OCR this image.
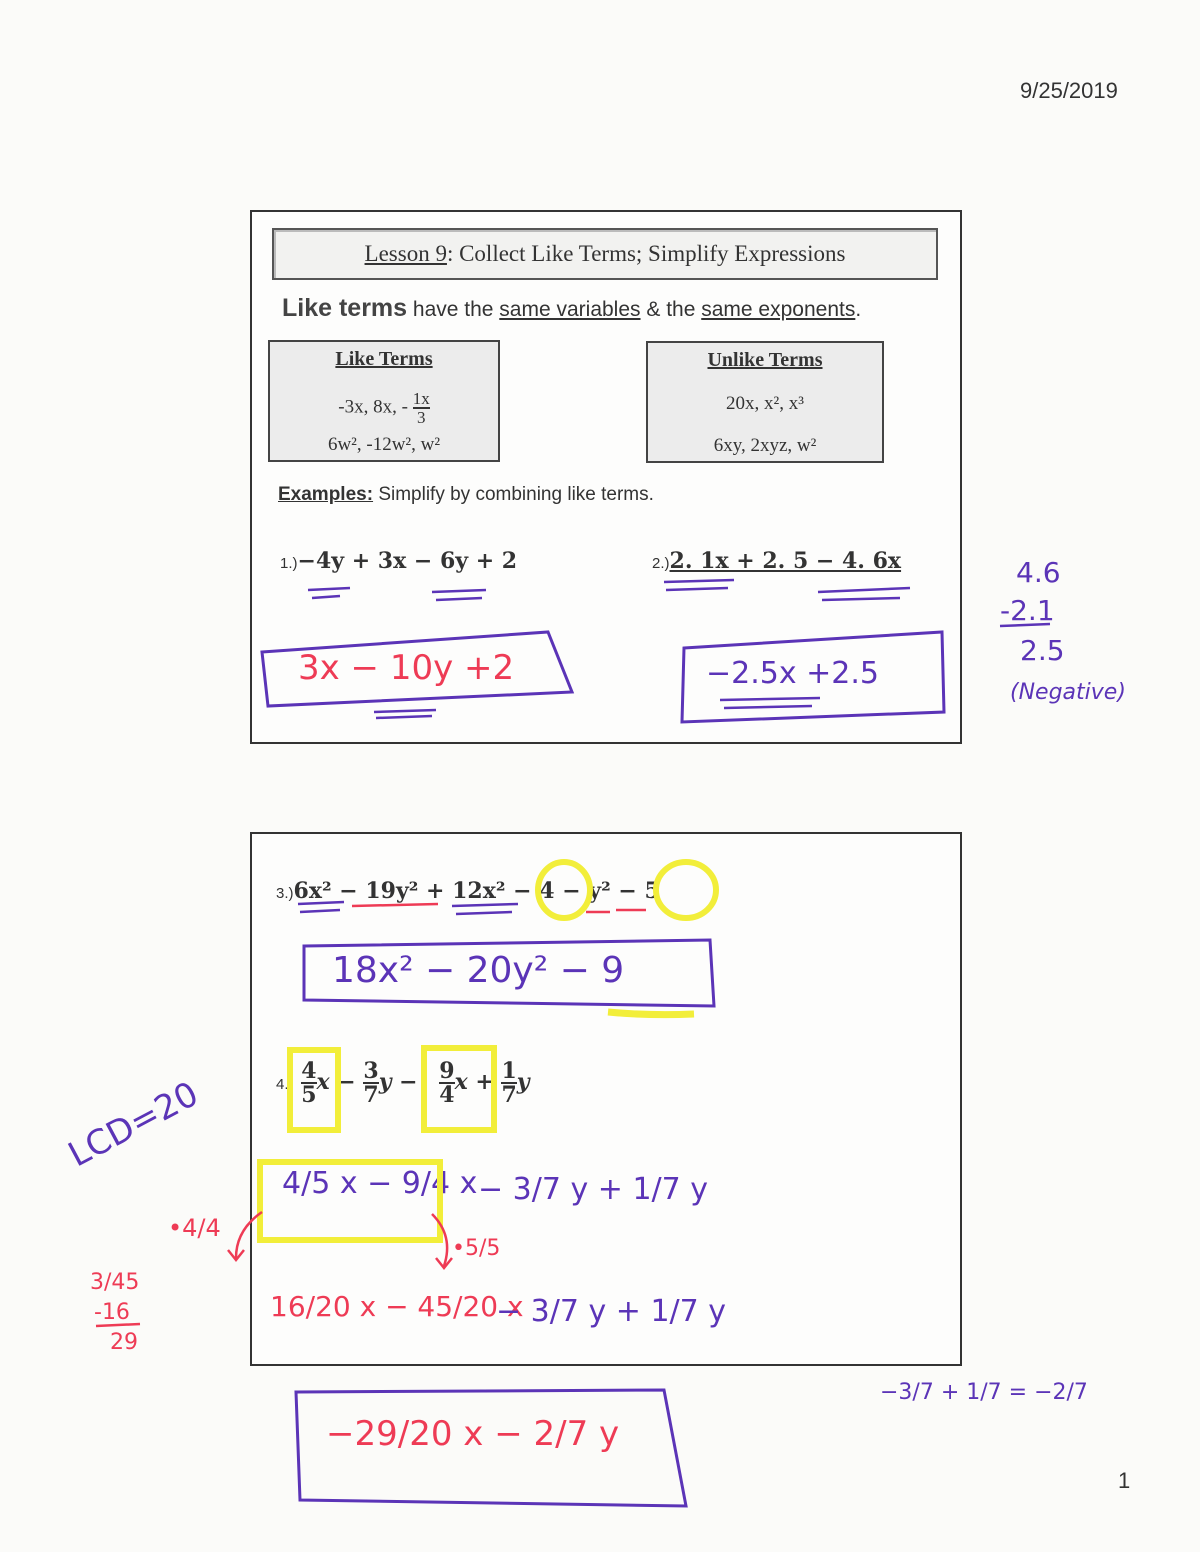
9/25/2019
1
Lesson 9 : Collect Like Terms; Simplify Expressions
Like terms have the same variables & the same exponents.
Like Terms
-3x, 8x, - $\frac{1x}{3}$
6w², -12w², w²
Unlike Terms
20x, x², x³
6xy, 2xyz, w²
Examples: Simplify by combining like terms.
1.)−4y + 3x − 6y + 2	2.)2. 1x + 2. 5 − 4. 6x
3x − 10y +2	−2.5x +2.5
4.6
-2.1
2.5
(Negative)
3.)6x² − 19y² + 12x² − 4 − y² − 5
18x² − 20y² − 9
$4.) \frac{4}{5}$ $x - \frac{3}{7}$ $y - \frac{9}{4}$ $x + \frac{1}{7}$ y
LCD=20
4/5 x − 9/4 x − 3/7 y + 1/7 y
•4/4
•5/5
3/45
-16
29
16/20 x − 45/20 x
− 3/7 y + 1/7 y
−3/7 + 1/7 = −2/7
−29/20 x − 2/7 y
